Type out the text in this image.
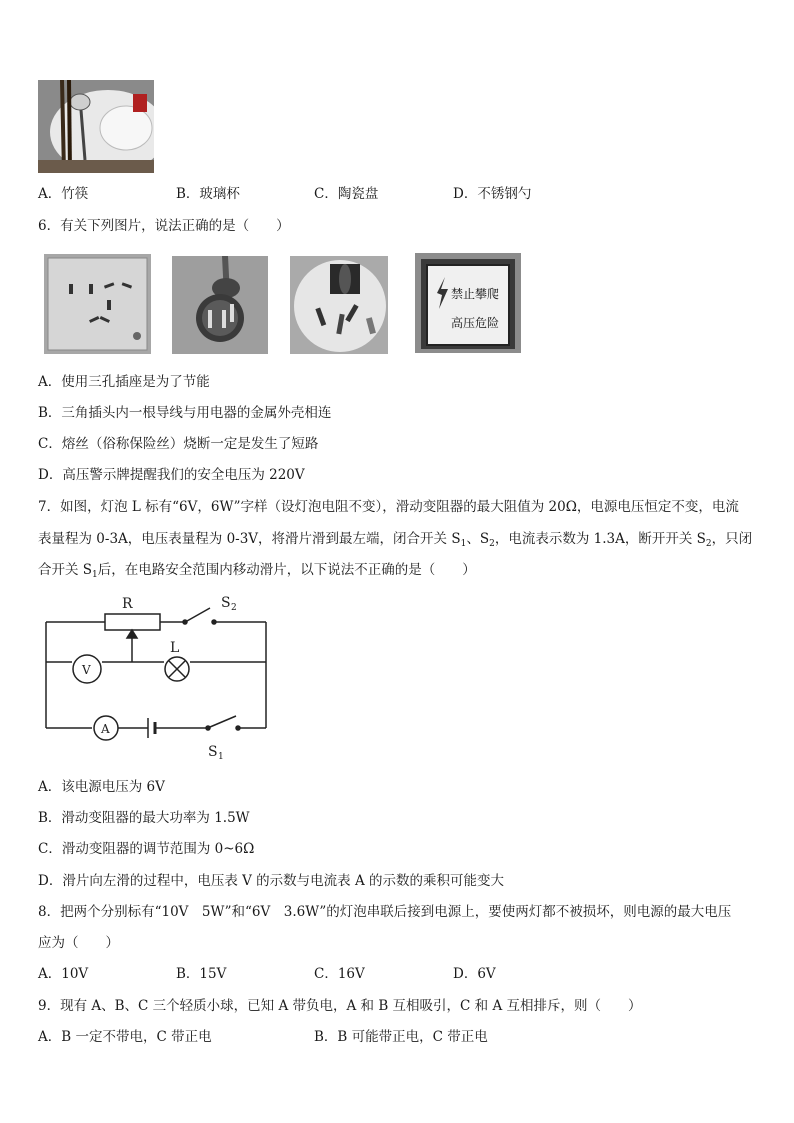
A．竹筷	B．玻璃杯	C．陶瓷盘	D．不锈钢勺
6．有关下列图片，说法正确的是（　　）
禁止攀爬
高压危险
A．使用三孔插座是为了节能
B．三角插头内一根导线与用电器的金属外壳相连
C．熔丝（俗称保险丝）烧断一定是发生了短路
D．高压警示牌提醒我们的安全电压为 220V
7．如图，灯泡 L 标有“6V，6W”字样（设灯泡电阻不变），滑动变阻器的最大阻值为 20Ω，电源电压恒定不变，电流
表量程为 0-3A，电压表量程为 0-3V，将滑片滑到最左端，闭合开关 $S_1$、$S_2$，电流表示数为 1.3A，断开开关 $S_2$，只闭
合开关 $S_1$后，在电路安全范围内移动滑片，以下说法不正确的是（　　）
R	S 2
L
V
A
S 1
A．该电源电压为 6V
B．滑动变阻器的最大功率为 1.5W
C．滑动变阻器的调节范围为 0~6Ω
D．滑片向左滑的过程中，电压表 V 的示数与电流表 A 的示数的乘积可能变大
8．把两个分别标有“10V　5W”和“6V　3.6W”的灯泡串联后接到电源上，要使两灯都不被损坏，则电源的最大电压
应为（　　）
A．10V	B．15V	C．16V	D．6V
9．现有 A、B、C 三个轻质小球，已知 A 带负电，A 和 B 互相吸引，C 和 A 互相排斥，则（　　）
A．B 一定不带电，C 带正电	B．B 可能带正电，C 带正电
